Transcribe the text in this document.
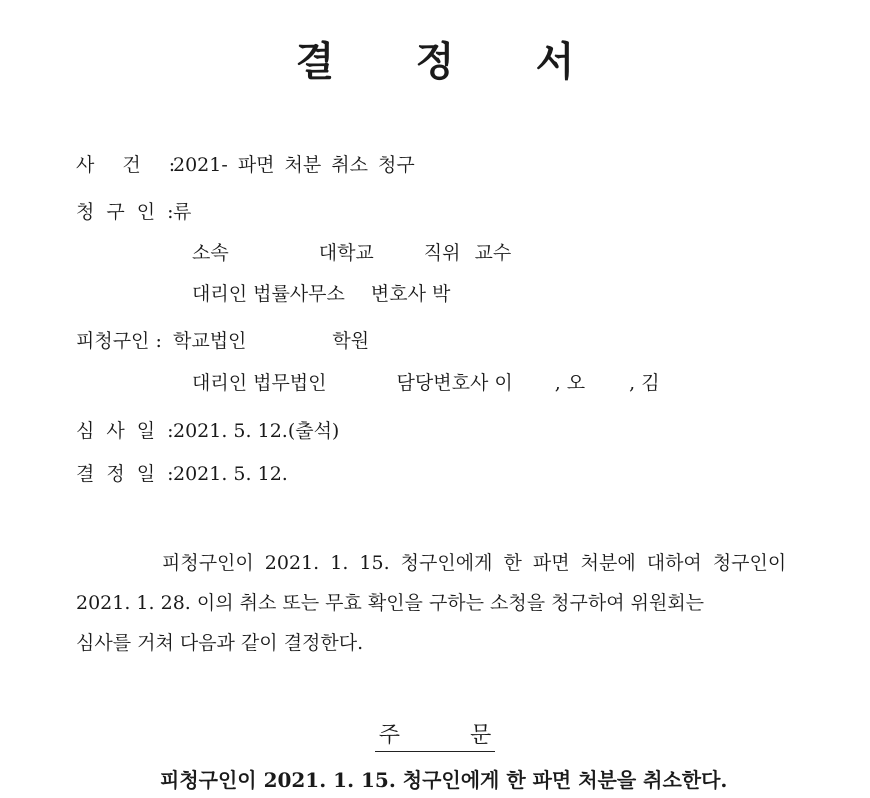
결 정 서
사 건 :2021- 파면 처분 취소 청구
청 구 인 :류
소속	대학교	직위 교수
대리인 법률사무소 변호사 박
피청구인 : 학교법인	학원
대리인 법무법인	담당변호사 이 , 오 , 김
심 사 일 :2021. 5. 12.(출석)
결 정 일 :2021. 5. 12.
피청구인이 2021. 1. 15. 청구인에게 한 파면 처분에 대하여 청구인이
2021. 1. 28. 이의 취소 또는 무효 확인을 구하는 소청을 청구하여 위원회는
심사를 거쳐 다음과 같이 결정한다.
주	문
피청구인이 2021. 1. 15. 청구인에게 한 파면 처분을 취소한다.
